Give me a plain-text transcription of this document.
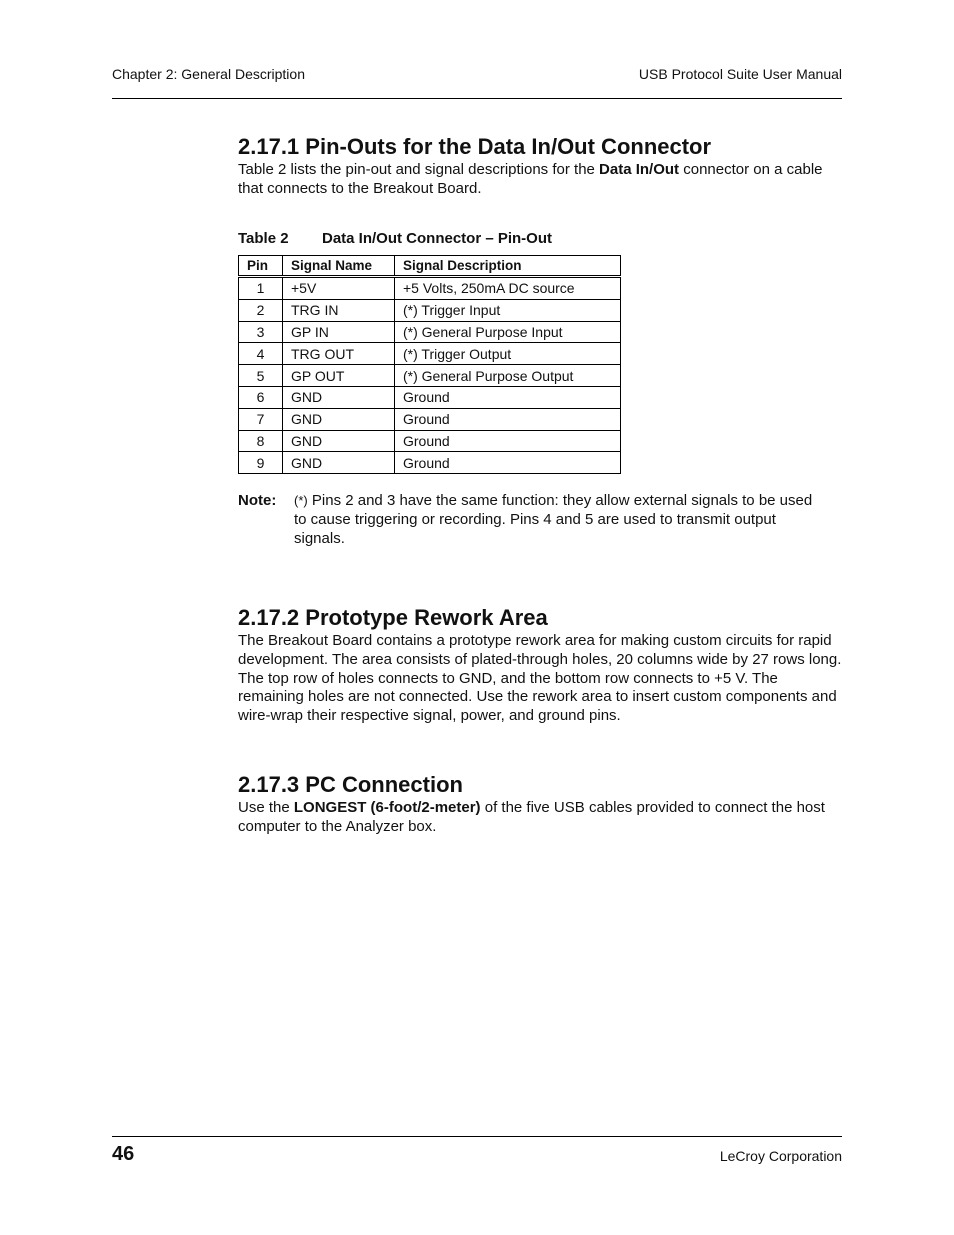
Chapter 2: General Description	USB Protocol Suite User Manual
2.17.1 Pin-Outs for the Data In/Out Connector

Table 2 lists the pin-out and signal descriptions for the Data In/Out connector on a cable that connects to the Breakout Board.

Table 2 Data In/Out Connector – Pin-Out
Pin	Signal Name	Signal Description
1	+5V	+5 Volts, 250mA DC source
2	TRG IN	(*) Trigger Input
3	GP IN	(*) General Purpose Input
4	TRG OUT	(*) Trigger Output
5	GP OUT	(*) General Purpose Output
6	GND	Ground
7	GND	Ground
8	GND	Ground
9	GND	Ground
Note: (*) Pins 2 and 3 have the same function: they allow external signals to be used to cause triggering or recording. Pins 4 and 5 are used to transmit output signals.

2.17.2 Prototype Rework Area

The Breakout Board contains a prototype rework area for making custom circuits for rapid development. The area consists of plated-through holes, 20 columns wide by 27 rows long. The top row of holes connects to GND, and the bottom row connects to +5 V. The remaining holes are not connected. Use the rework area to insert custom components and wire-wrap their respective signal, power, and ground pins.

2.17.3 PC Connection

Use the LONGEST (6-foot/2-meter) of the five USB cables provided to connect the host computer to the Analyzer box.

46	LeCroy Corporation
